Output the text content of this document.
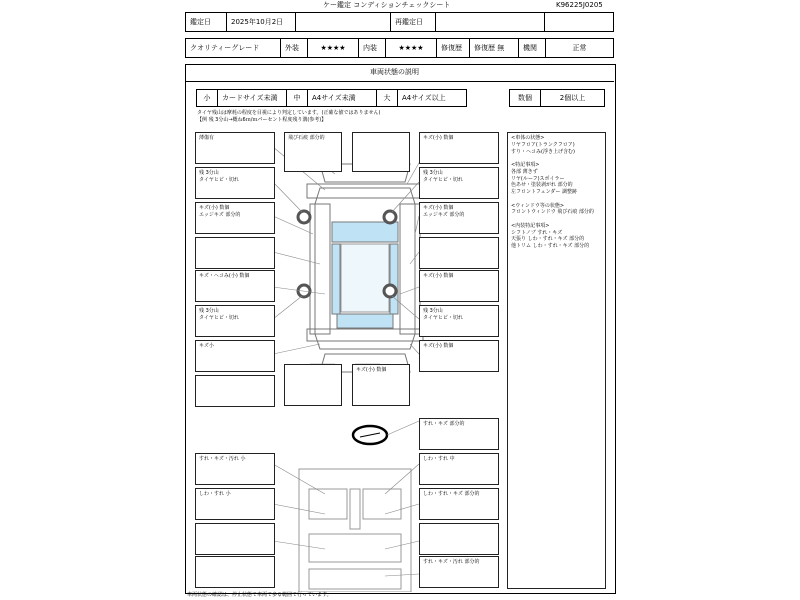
ケー鑑定 コンディションチェックシート	K96225J0205
鑑定日	2025年10月2日		再鑑定日		
クオリティーグレード	外装	★★★★	内装	★★★★	修復歴	修復歴 無	機関	正常
車両状態の説明
小	カードサイズ未満	中	A4サイズ未満	大	A4サイズ以上	数個	2個以上
タイヤ残山は摩耗の程度を目視により判定しています。(正確な値ではありません)
【例 残 3分山→概ね6ｍ/ｍパーセント程度残り溝(参考)】
薄傷有	飛び石痕 部分的	キズ(小) 数個
残 3分山
タイヤヒビ・切れ
残 3分山
タイヤヒビ・切れ
キズ(小) 数個
エッジキズ 部分的
キズ(小) 数個
エッジキズ 部分的
キズ・ヘコみ(小) 数個	キズ(小) 数個
残 3分山
タイヤヒビ・切れ
残 3分山
タイヤヒビ・切れ
キズ小	キズ(小) 数個
キズ(小) 数個
すれ・キズ 部分的
すれ・キズ・汚れ 小	しわ・すれ 中
しわ・すれ 小	しわ・すれ・キズ 部分的
すれ・キズ・汚れ 部分的
<車体の状態>
リヤフロア(トランクフロア)
すり・ヘコみ(浮き上げ含む)

<特記事項>
各部 薄きず
リヤ(ルーフ)スポイラー
色あせ・塗装剥がれ 部分的
左フロントフェンダー 調整跡

<ウィンドウ等の状態>
フロントウィンドウ 飛び石痕 部分的

<内装特記事項>
シフトノブ すれ・キズ
天張り しわ・すれ・キズ 部分的
他トリム しわ・すれ・キズ 部分的
車両状態の確認は、停止状態で車両で多る範囲で行っています。
